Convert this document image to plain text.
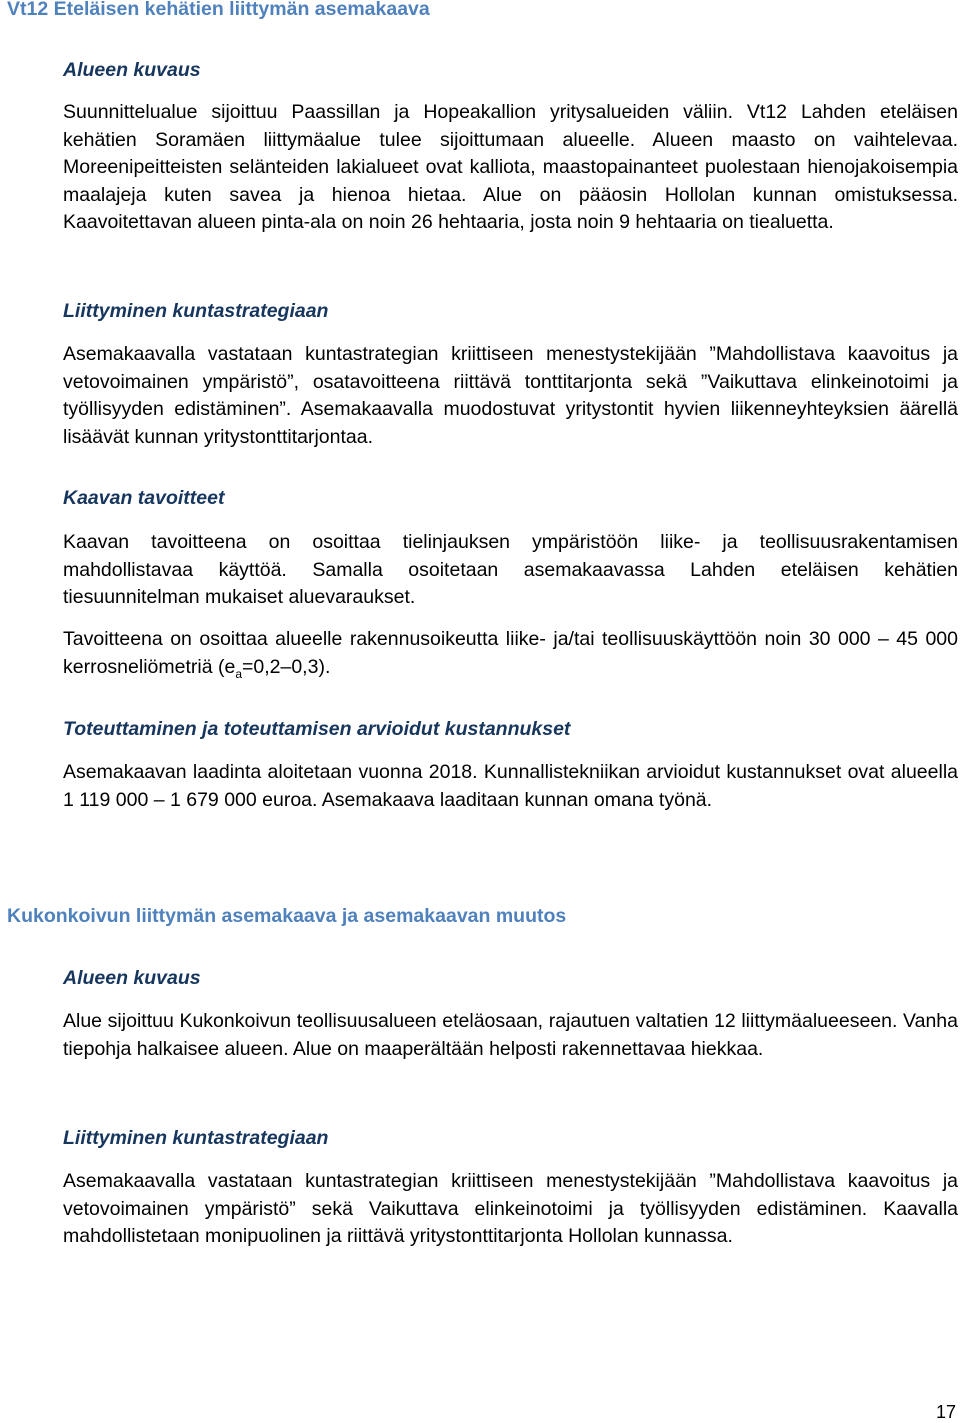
Vt12 Eteläisen kehätien liittymän asemakaava
Alueen kuvaus

Suunnittelualue sijoittuu Paassillan ja Hopeakallion yritysalueiden väliin. Vt12 Lahden eteläisen kehätien Soramäen liittymäalue tulee sijoittumaan alueelle. Alueen maasto on vaihtelevaa. Moreenipeitteisten selänteiden lakialueet ovat kalliota, maastopainanteet puolestaan hienojakoisempia maalajeja kuten savea ja hienoa hietaa. Alue on pääosin Hollolan kunnan omistuksessa. Kaavoitettavan alueen pinta-ala on noin 26 hehtaaria, josta noin 9 hehtaaria on tiealuetta.

Liittyminen kuntastrategiaan

Asemakaavalla vastataan kuntastrategian kriittiseen menestystekijään ”Mahdollistava kaavoitus ja vetovoimainen ympäristö”, osatavoitteena riittävä tonttitarjonta sekä ”Vaikuttava elinkeinotoimi ja työllisyyden edistäminen”. Asemakaavalla muodostuvat yritystontit hyvien liikenneyhteyksien äärellä lisäävät kunnan yritystonttitarjontaa.

Kaavan tavoitteet

Kaavan tavoitteena on osoittaa tielinjauksen ympäristöön liike- ja teollisuusrakentamisen mahdollistavaa käyttöä. Samalla osoitetaan asemakaavassa Lahden eteläisen kehätien tiesuunnitelman mukaiset aluevaraukset.

Tavoitteena on osoittaa alueelle rakennusoikeutta liike- ja/tai teollisuuskäyttöön noin 30 000 – 45 000 kerrosneliömetriä $(e_a=0,2-0,3)$.

Toteuttaminen ja toteuttamisen arvioidut kustannukset

Asemakaavan laadinta aloitetaan vuonna 2018. Kunnallistekniikan arvioidut kustannukset ovat alueella 1 119 000 – 1 679 000 euroa. Asemakaava laaditaan kunnan omana työnä.

Kukonkoivun liittymän asemakaava ja asemakaavan muutos
Alueen kuvaus

Alue sijoittuu Kukonkoivun teollisuusalueen eteläosaan, rajautuen valtatien 12 liittymäalueeseen. Vanha tiepohja halkaisee alueen. Alue on maaperältään helposti rakennettavaa hiekkaa.

Liittyminen kuntastrategiaan

Asemakaavalla vastataan kuntastrategian kriittiseen menestystekijään ”Mahdollistava kaavoitus ja vetovoimainen ympäristö” sekä Vaikuttava elinkeinotoimi ja työllisyyden edistäminen. Kaavalla mahdollistetaan monipuolinen ja riittävä yritystonttitarjonta Hollolan kunnassa.

17
